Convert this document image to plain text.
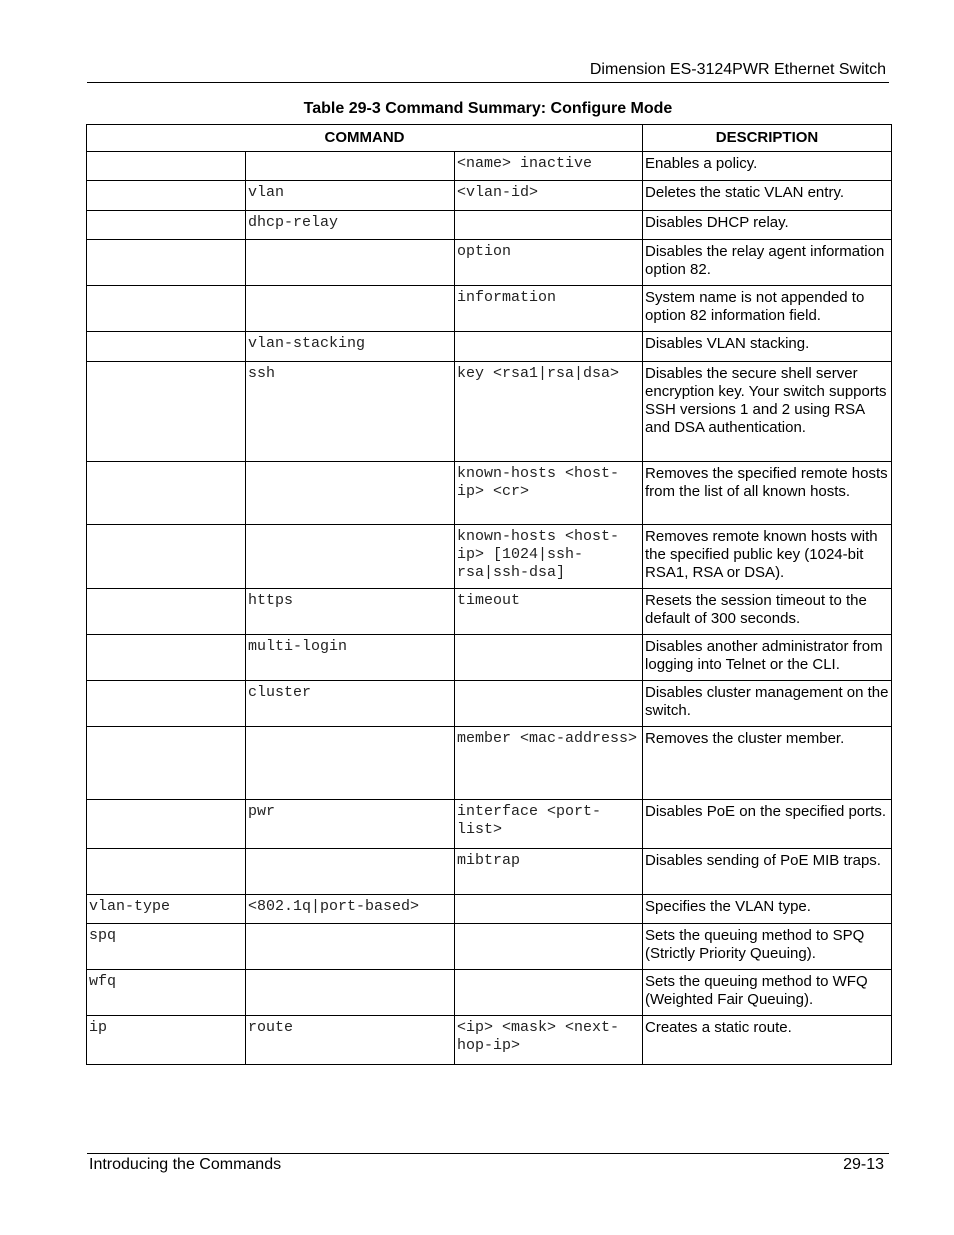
Dimension ES-3124PWR Ethernet Switch
Table 29-3 Command Summary: Configure Mode
COMMAND			DESCRIPTION
		<name> inactive	Enables a policy.
	vlan	<vlan-id>	Deletes the static VLAN entry.
	dhcp-relay		Disables DHCP relay.
		option	Disables the relay agent information option 82.
		information	System name is not appended to option 82 information field.
	vlan-stacking		Disables VLAN stacking.
	ssh	key <rsa1|rsa|dsa>	Disables the secure shell server encryption key. Your switch supports SSH versions 1 and 2 using RSA and DSA authentication.
		known-hosts <host-ip> <cr>	Removes the specified remote hosts from the list of all known hosts.
		known-hosts <host-ip> [1024|ssh-rsa|ssh-dsa]	Removes remote known hosts with the specified public key (1024-bit RSA1, RSA or DSA).
	https	timeout	Resets the session timeout to the default of 300 seconds.
	multi-login		Disables another administrator from logging into Telnet or the CLI.
	cluster		Disables cluster management on the switch.
		member <mac-address>	Removes the cluster member.
	pwr	interface <port-list>	Disables PoE on the specified ports.
		mibtrap	Disables sending of PoE MIB traps.
vlan-type	<802.1q|port-based>		Specifies the VLAN type.
spq			Sets the queuing method to SPQ (Strictly Priority Queuing).
wfq			Sets the queuing method to WFQ (Weighted Fair Queuing).
ip	route	<ip> <mask> <next-hop-ip>	Creates a static route.
Introducing the Commands	29-13
